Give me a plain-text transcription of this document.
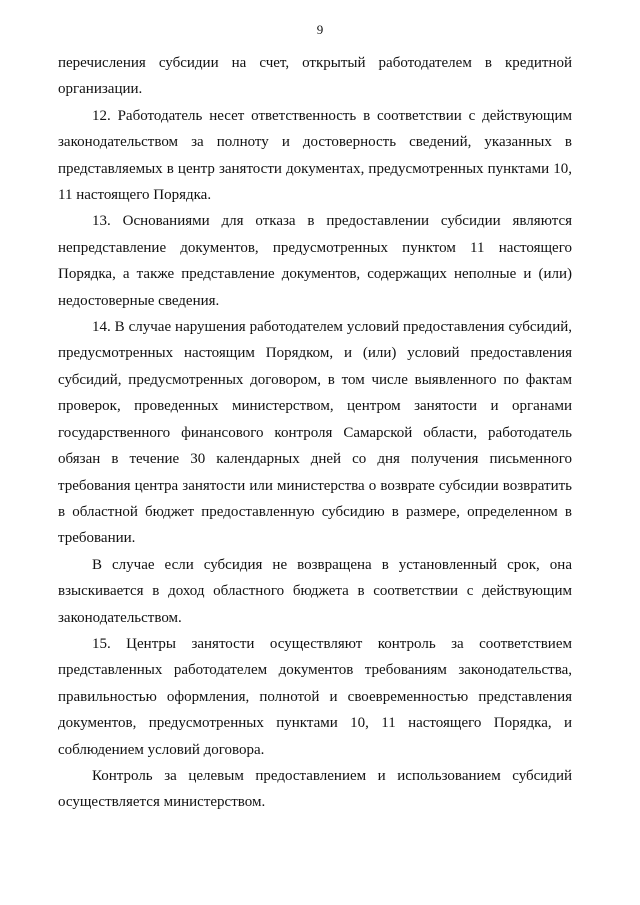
9

перечисления субсидии на счет, открытый работодателем в кредитной организации.

12. Работодатель несет ответственность в соответствии с действующим законодательством за полноту и достоверность сведений, указанных в представляемых в центр занятости документах, предусмотренных пунктами 10, 11 настоящего Порядка.

13. Основаниями для отказа в предоставлении субсидии являются непредставление документов, предусмотренных пунктом 11 настоящего Порядка, а также представление документов, содержащих неполные и (или) недостоверные сведения.

14. В случае нарушения работодателем условий предоставления субсидий, предусмотренных настоящим Порядком, и (или) условий предоставления субсидий, предусмотренных договором, в том числе выявленного по фактам проверок, проведенных министерством, центром занятости и органами государственного финансового контроля Самарской области, работодатель обязан в течение 30 календарных дней со дня получения письменного требования центра занятости или министерства о возврате субсидии возвратить в областной бюджет предоставленную субсидию в размере, определенном в требовании.

В случае если субсидия не возвращена в установленный срок, она взыскивается в доход областного бюджета в соответствии с действующим законодательством.

15. Центры занятости осуществляют контроль за соответствием представленных работодателем документов требованиям законодательства, правильностью оформления, полнотой и своевременностью представления документов, предусмотренных пунктами 10, 11 настоящего Порядка, и соблюдением условий договора.

Контроль за целевым предоставлением и использованием субсидий осуществляется министерством.
